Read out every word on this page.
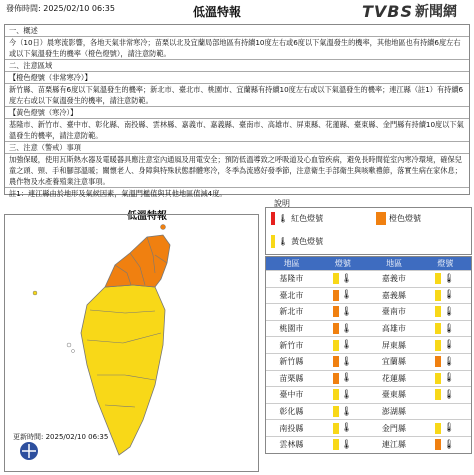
發佈時間: 2025/02/10 06:35	低溫特報	TVBS 新聞網
一、概述
今（10日）晨寒流影響，各地天氣非常寒冷；苗栗以北及宜蘭局部地區有持續10度左右或6度以下氣溫發生的機率，其他地區也有持續6度左右或以下氣溫發生的機率（橙色燈號），請注意防範。
二、注意區域
【橙色燈號（非常寒冷）】
新竹縣、苗栗縣有6度以下氣溫發生的機率；新北市、臺北市、桃園市、宜蘭縣有持續10度左右或以下氣溫發生的機率；連江縣（註1）有持續6度左右或以下氣溫發生的機率，請注意防範。
【黃色燈號（寒冷）】
基隆市、新竹市、臺中市、彰化縣、南投縣、雲林縣、嘉義市、嘉義縣、臺南市、高雄市、屏東縣、花蓮縣、臺東縣、金門縣有持續10度以下氣溫發生的機率，請注意防範。
三、注意（警戒）事項
加強保暖，使用瓦斯熱水器及電暖器具應注意室內通風及用電安全；預防低溫導致之呼吸道及心血管疾病，避免長時間從室內寒冷環境，確保兒童之頭、頸、手和腳部溫暖；關懷老人、身障與特殊狀態群體寒冷，冬季為流感好發季節，注意衛生手部衛生與咳嗽禮節，落實生病在家休息；農作物及水產養殖業注意事項。
註1：連江縣由於地形及氣候因素，氣溫門檻值與其他地區值減4度。
低溫特報
更新時間: 2025/02/10 06:35
說明
🌡 紅色燈號	橙色燈號
🌡 黃色燈號
地區	燈號	地區	燈號
基隆市	🌡	嘉義市	🌡
臺北市	🌡	嘉義縣	🌡
新北市	🌡	臺南市	🌡
桃園市	🌡	高雄市	🌡
新竹市	🌡	屏東縣	🌡
新竹縣	🌡	宜蘭縣	🌡
苗栗縣	🌡	花蓮縣	🌡
臺中市	🌡	臺東縣	🌡
彰化縣	🌡	澎湖縣
南投縣	🌡	金門縣	🌡
雲林縣	🌡	連江縣	🌡
